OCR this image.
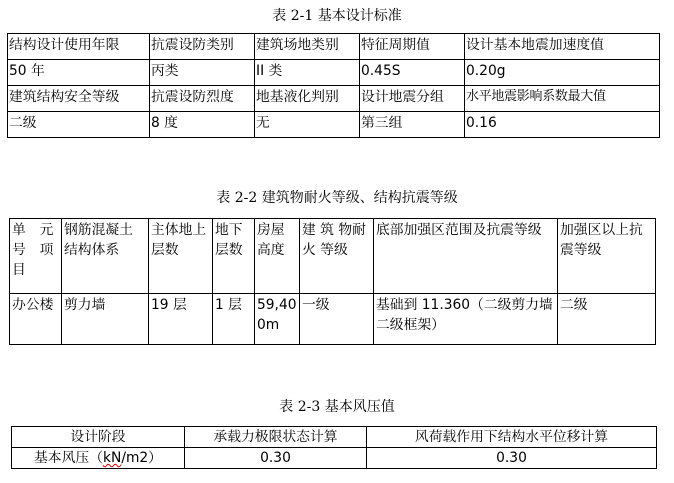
表 2-1 基本设计标准
结构设计使用年限	抗震设防类别	建筑场地类别	特征周期值	设计基本地震加速度值
50 年	丙类	II 类	0.45S	0.20g
建筑结构安全等级	抗震设防烈度	地基液化判别	设计地震分组	水平地震影响系数最大值
二级	8 度	无	第三组	0.16
表 2-2 建筑物耐火等级、结构抗震等级
单　元号　项目	钢筋混凝土结构体系	主体地上层数	地下层数	房屋高度	建 筑 物耐 火 等级	底部加强区范围及抗震等级	加强区以上抗震等级
办公楼	剪力墙	19 层	1 层	59,400m	一级	基础到 11.360（二级剪力墙二级框架）	二级
表 2-3 基本风压值
设计阶段	承载力极限状态计算	风荷载作用下结构水平位移计算
基本风压（kN/m2）	0.30	0.30
